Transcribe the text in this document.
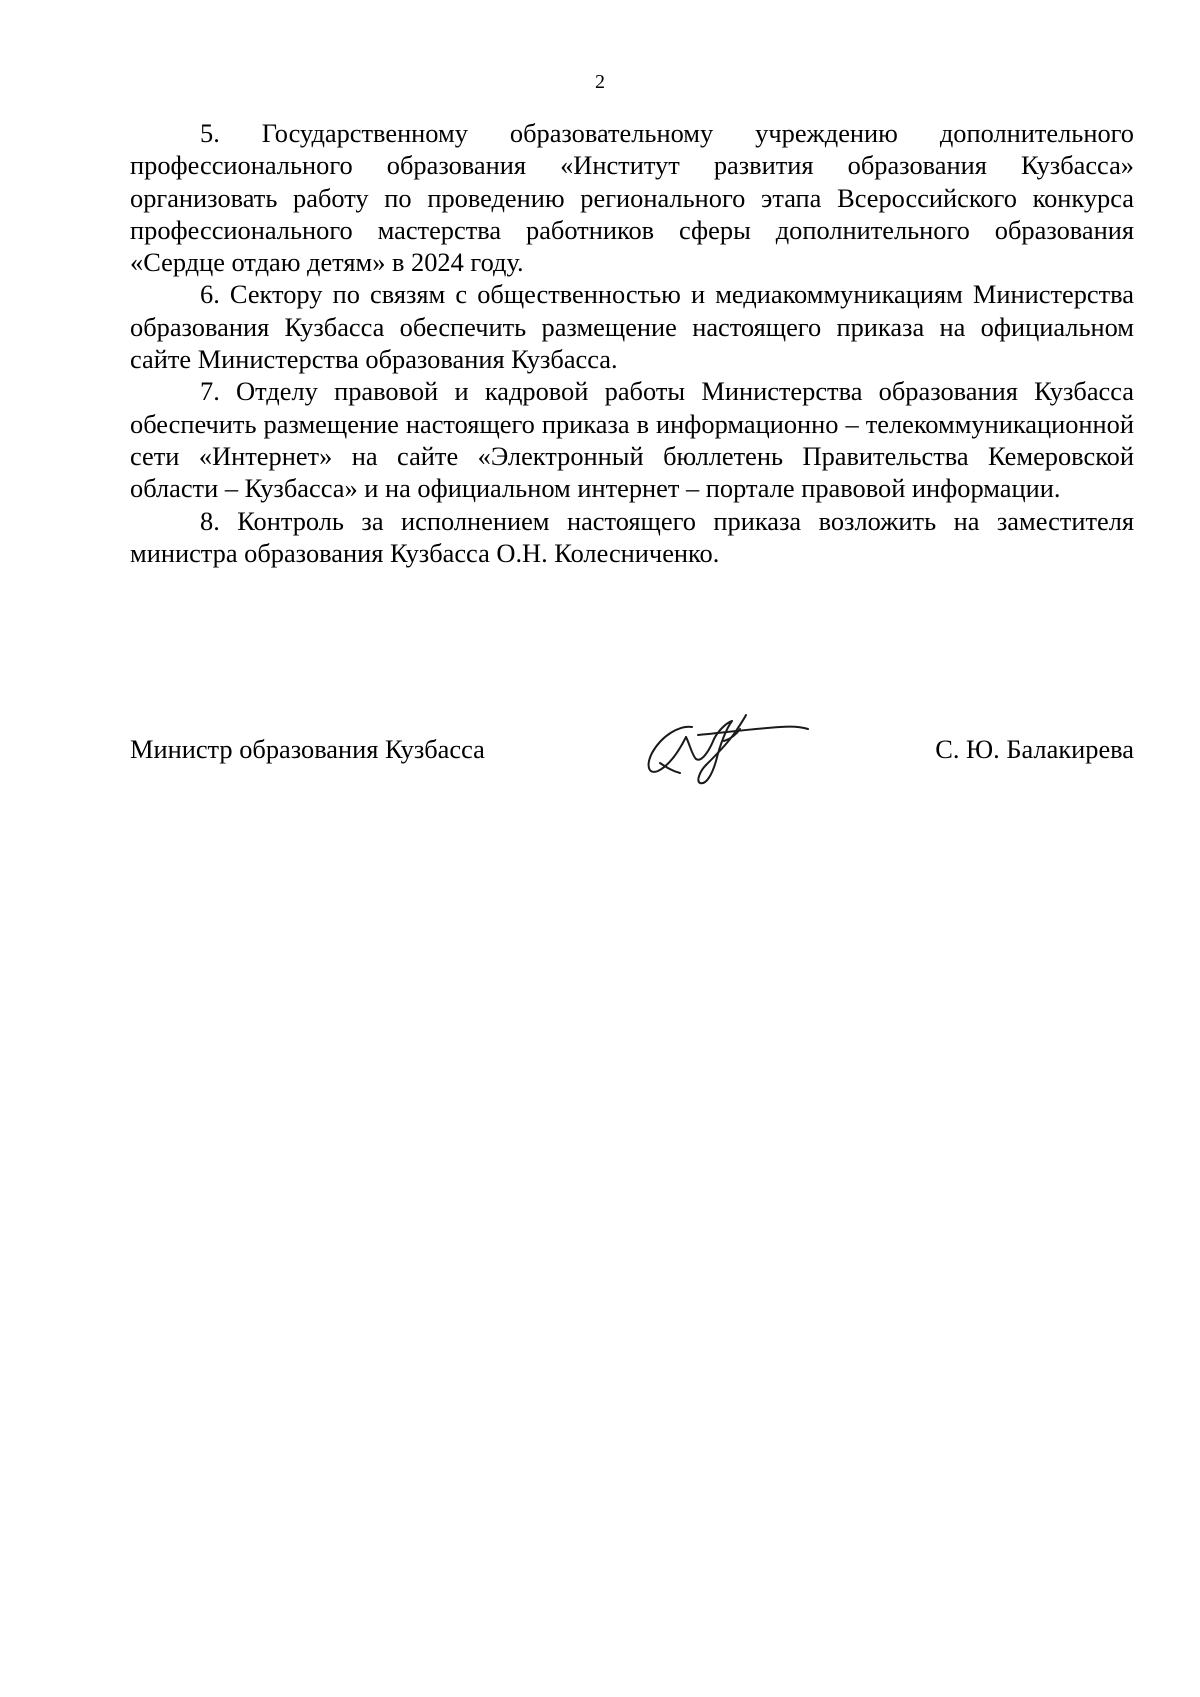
2

5. Государственному образовательному учреждению дополнительного профессионального образования «Институт развития образования Кузбасса» организовать работу по проведению регионального этапа Всероссийского конкурса профессионального мастерства работников сферы дополнительного образования «Сердце отдаю детям» в 2024 году.

6. Сектору по связям с общественностью и медиакоммуникациям Министерства образования Кузбасса обеспечить размещение настоящего приказа на официальном сайте Министерства образования Кузбасса.

7. Отделу правовой и кадровой работы Министерства образования Кузбасса обеспечить размещение настоящего приказа в информационно – телекоммуникационной сети «Интернет» на сайте «Электронный бюллетень Правительства Кемеровской области – Кузбасса» и на официальном интернет – портале правовой информации.

8. Контроль за исполнением настоящего приказа возложить на заместителя министра образования Кузбасса О.Н. Колесниченко.

Министр образования Кузбасса	С. Ю. Балакирева
